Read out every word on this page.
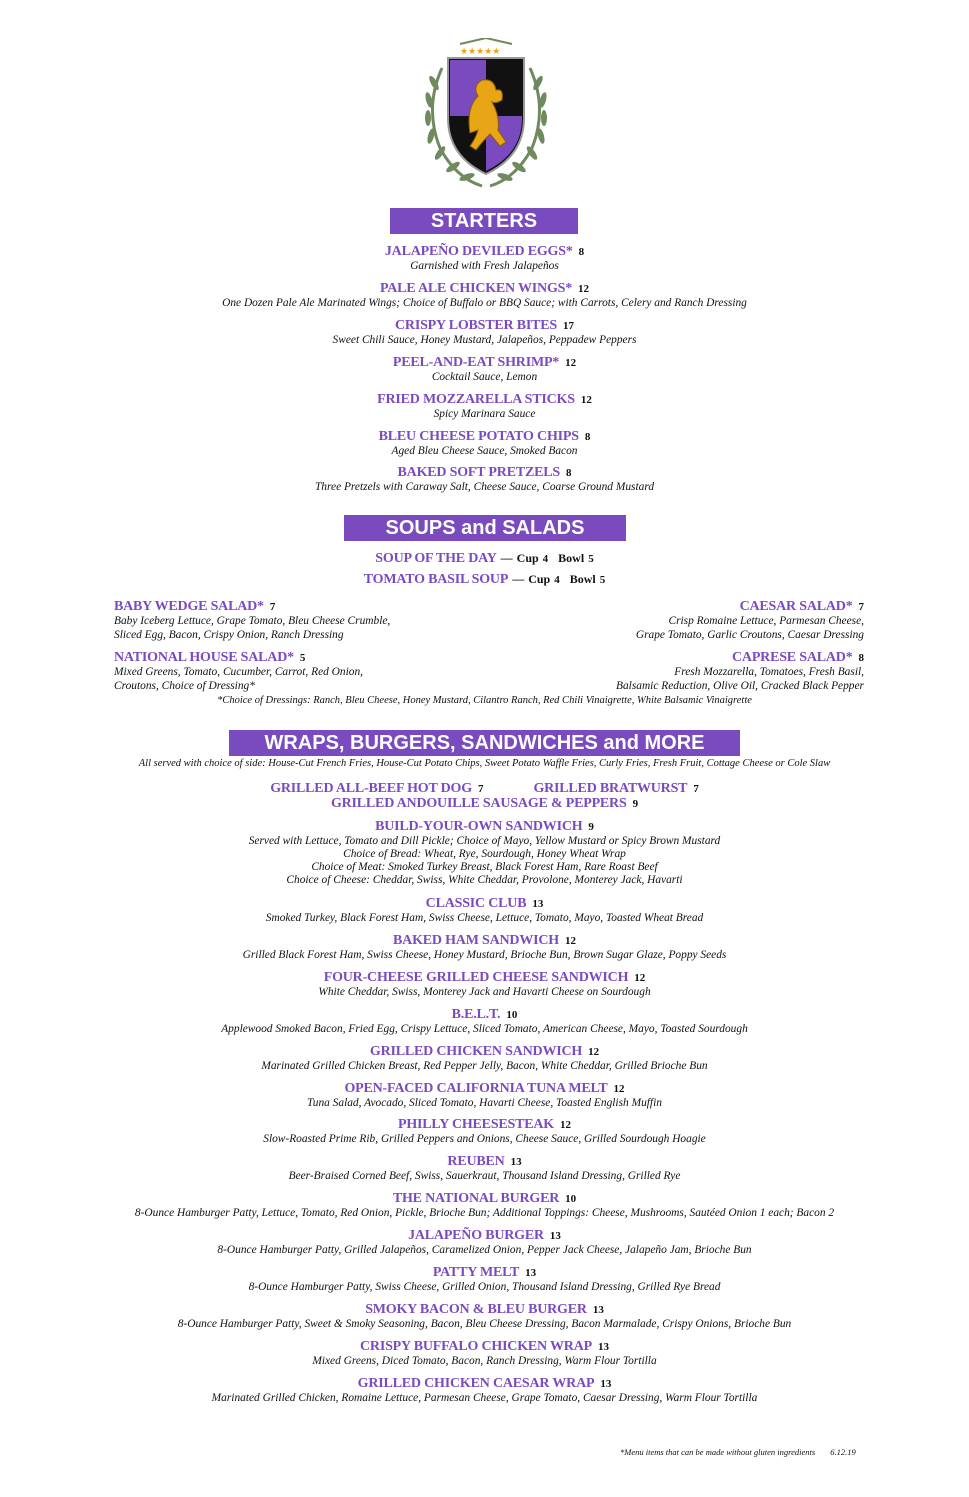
★★★★★
STARTERS
JALAPEÑO DEVILED EGGS* 8
Garnished with Fresh Jalapeños
PALE ALE CHICKEN WINGS* 12
One Dozen Pale Ale Marinated Wings; Choice of Buffalo or BBQ Sauce; with Carrots, Celery and Ranch Dressing
CRISPY LOBSTER BITES 17
Sweet Chili Sauce, Honey Mustard, Jalapeños, Peppadew Peppers
PEEL-AND-EAT SHRIMP* 12
Cocktail Sauce, Lemon
FRIED MOZZARELLA STICKS 12
Spicy Marinara Sauce
BLEU CHEESE POTATO CHIPS 8
Aged Bleu Cheese Sauce, Smoked Bacon
BAKED SOFT PRETZELS 8
Three Pretzels with Caraway Salt, Cheese Sauce, Coarse Ground Mustard
SOUPS and SALADS
SOUP OF THE DAY — Cup 4 Bowl 5
TOMATO BASIL SOUP — Cup 4 Bowl 5
BABY WEDGE SALAD* 7
Baby Iceberg Lettuce, Grape Tomato, Bleu Cheese Crumble,
Sliced Egg, Bacon, Crispy Onion, Ranch Dressing
NATIONAL HOUSE SALAD* 5
Mixed Greens, Tomato, Cucumber, Carrot, Red Onion,
Croutons, Choice of Dressing*
CAESAR SALAD* 7
Crisp Romaine Lettuce, Parmesan Cheese,
Grape Tomato, Garlic Croutons, Caesar Dressing
CAPRESE SALAD* 8
Fresh Mozzarella, Tomatoes, Fresh Basil,
Balsamic Reduction, Olive Oil, Cracked Black Pepper
*Choice of Dressings: Ranch, Bleu Cheese, Honey Mustard, Cilantro Ranch, Red Chili Vinaigrette, White Balsamic Vinaigrette
WRAPS, BURGERS, SANDWICHES and MORE
All served with choice of side: House-Cut French Fries, House-Cut Potato Chips, Sweet Potato Waffle Fries, Curly Fries, Fresh Fruit, Cottage Cheese or Cole Slaw
GRILLED ALL-BEEF HOT DOG 7	GRILLED BRATWURST 7
GRILLED ANDOUILLE SAUSAGE & PEPPERS 9
BUILD-YOUR-OWN SANDWICH 9
Served with Lettuce, Tomato and Dill Pickle; Choice of Mayo, Yellow Mustard or Spicy Brown Mustard
Choice of Bread: Wheat, Rye, Sourdough, Honey Wheat Wrap
Choice of Meat: Smoked Turkey Breast, Black Forest Ham, Rare Roast Beef
Choice of Cheese: Cheddar, Swiss, White Cheddar, Provolone, Monterey Jack, Havarti
CLASSIC CLUB 13
Smoked Turkey, Black Forest Ham, Swiss Cheese, Lettuce, Tomato, Mayo, Toasted Wheat Bread
BAKED HAM SANDWICH 12
Grilled Black Forest Ham, Swiss Cheese, Honey Mustard, Brioche Bun, Brown Sugar Glaze, Poppy Seeds
FOUR-CHEESE GRILLED CHEESE SANDWICH 12
White Cheddar, Swiss, Monterey Jack and Havarti Cheese on Sourdough
B.E.L.T. 10
Applewood Smoked Bacon, Fried Egg, Crispy Lettuce, Sliced Tomato, American Cheese, Mayo, Toasted Sourdough
GRILLED CHICKEN SANDWICH 12
Marinated Grilled Chicken Breast, Red Pepper Jelly, Bacon, White Cheddar, Grilled Brioche Bun
OPEN-FACED CALIFORNIA TUNA MELT 12
Tuna Salad, Avocado, Sliced Tomato, Havarti Cheese, Toasted English Muffin
PHILLY CHEESESTEAK 12
Slow-Roasted Prime Rib, Grilled Peppers and Onions, Cheese Sauce, Grilled Sourdough Hoagie
REUBEN 13
Beer-Braised Corned Beef, Swiss, Sauerkraut, Thousand Island Dressing, Grilled Rye
THE NATIONAL BURGER 10
8-Ounce Hamburger Patty, Lettuce, Tomato, Red Onion, Pickle, Brioche Bun; Additional Toppings: Cheese, Mushrooms, Sautéed Onion 1 each; Bacon 2
JALAPEÑO BURGER 13
8-Ounce Hamburger Patty, Grilled Jalapeños, Caramelized Onion, Pepper Jack Cheese, Jalapeño Jam, Brioche Bun
PATTY MELT 13
8-Ounce Hamburger Patty, Swiss Cheese, Grilled Onion, Thousand Island Dressing, Grilled Rye Bread
SMOKY BACON & BLEU BURGER 13
8-Ounce Hamburger Patty, Sweet & Smoky Seasoning, Bacon, Bleu Cheese Dressing, Bacon Marmalade, Crispy Onions, Brioche Bun
CRISPY BUFFALO CHICKEN WRAP 13
Mixed Greens, Diced Tomato, Bacon, Ranch Dressing, Warm Flour Tortilla
GRILLED CHICKEN CAESAR WRAP 13
Marinated Grilled Chicken, Romaine Lettuce, Parmesan Cheese, Grape Tomato, Caesar Dressing, Warm Flour Tortilla
*Menu items that can be made without gluten ingredients 6.12.19
